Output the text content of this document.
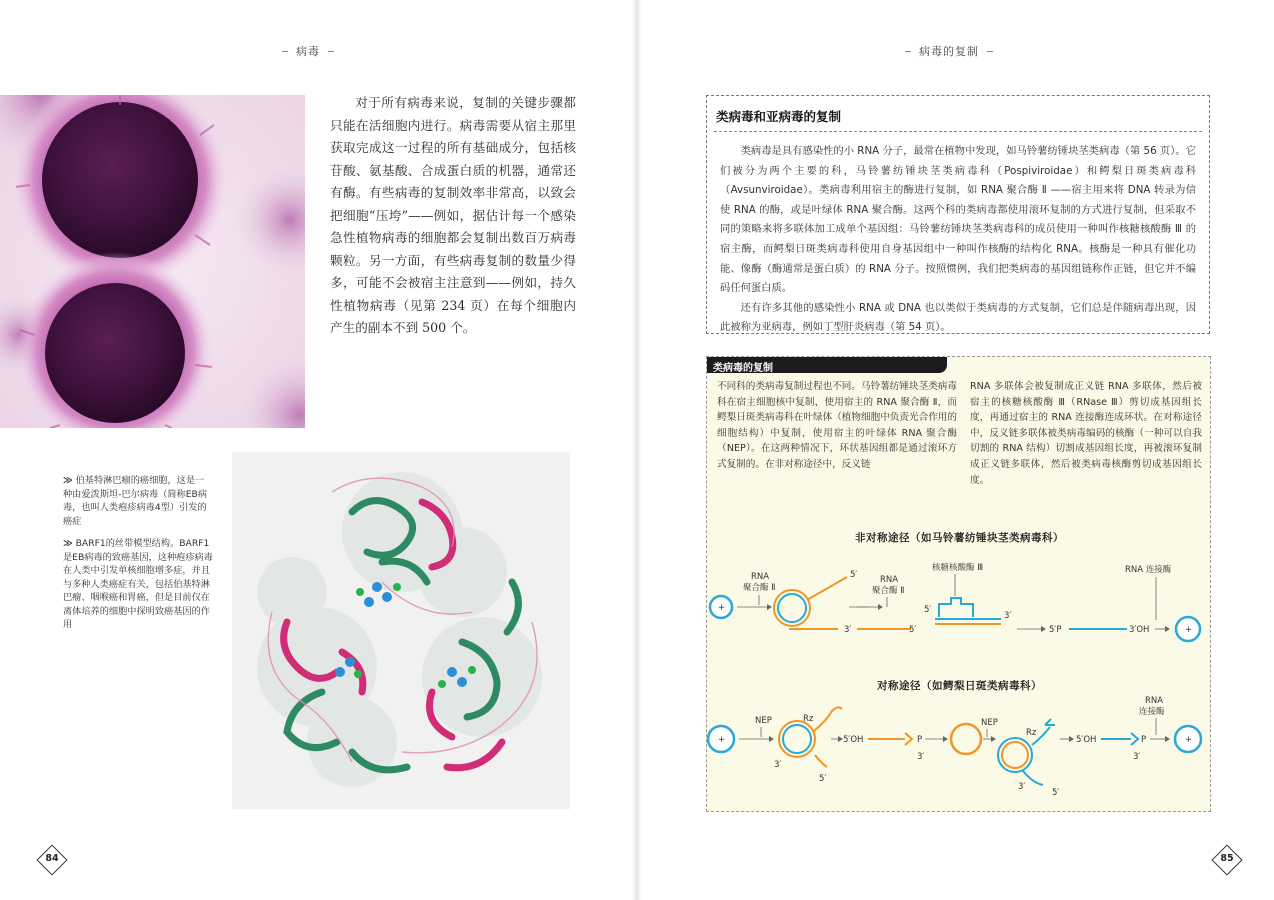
病毒
对于所有病毒来说，复制的关键步骤都只能在活细胞内进行。病毒需要从宿主那里获取完成这一过程的所有基础成分，包括核苷酸、氨基酸、合成蛋白质的机器，通常还有酶。有些病毒的复制效率非常高，以致会把细胞“压垮”——例如，据估计每一个感染急性植物病毒的细胞都会复制出数百万病毒颗粒。另一方面，有些病毒复制的数量少得多，可能不会被宿主注意到——例如，持久性植物病毒（见第 234 页）在每个细胞内产生的副本不到 500 个。
≫ 伯基特淋巴瘤的癌细胞，这是一种由爱泼斯坦-巴尔病毒（简称EB病毒，也叫人类疱疹病毒4型）引发的癌症
≫ BARF1的丝带模型结构。BARF1是EB病毒的致癌基因，这种疱疹病毒在人类中引发单核细胞增多症，并且与多种人类癌症有关，包括伯基特淋巴瘤、咽喉癌和胃癌，但是目前仅在离体培养的细胞中探明致癌基因的作用
84
病毒的复制
类病毒和亚病毒的复制

类病毒是具有感染性的小 RNA 分子，最常在植物中发现，如马铃薯纺锤块茎类病毒（第 56 页）。它们被分为两个主要的科，马铃薯纺锤块茎类病毒科（Pospiviroidae）和鳄梨日斑类病毒科（Avsunviroidae）。类病毒利用宿主的酶进行复制，如 RNA 聚合酶 Ⅱ ——宿主用来将 DNA 转录为信使 RNA 的酶，或是叶绿体 RNA 聚合酶。这两个科的类病毒都使用滚环复制的方式进行复制，但采取不同的策略来将多联体加工成单个基因组：马铃薯纺锤块茎类病毒科的成员使用一种叫作核糖核酸酶 Ⅲ 的宿主酶，而鳄梨日斑类病毒科使用自身基因组中一种叫作核酶的结构化 RNA。核酶是一种具有催化功能、像酶（酶通常是蛋白质）的 RNA 分子。按照惯例，我们把类病毒的基因组链称作正链，但它并不编码任何蛋白质。

还有许多其他的感染性小 RNA 或 DNA 也以类似于类病毒的方式复制，它们总是伴随病毒出现，因此被称为亚病毒，例如丁型肝炎病毒（第 54 页）。

类病毒的复制
不同科的类病毒复制过程也不同。马铃薯纺锤块茎类病毒科在宿主细胞核中复制，使用宿主的 RNA 聚合酶 Ⅱ，而鳄梨日斑类病毒科在叶绿体（植物细胞中负责光合作用的细胞结构）中复制，使用宿主的叶绿体 RNA 聚合酶（NEP）。在这两种情况下，环状基因组都是通过滚环方式复制的。在非对称途径中，反义链
RNA 多联体会被复制成正义链 RNA 多联体，然后被宿主的核糖核酸酶 Ⅲ（RNase Ⅲ）剪切成基因组长度，再通过宿主的 RNA 连接酶连成环状。在对称途径中，反义链多联体被类病毒编码的核酶（一种可以自我切割的 RNA 结构）切割成基因组长度，再被滚环复制成正义链多联体，然后被类病毒核酶剪切成基因组长度。
非对称途径（如马铃薯纺锤块茎类病毒科）
+
RNA
聚合酶 Ⅱ
5′
3′
RNA
聚合酶 Ⅱ
5′
核糖核酸酶 Ⅲ
5′
3′
5′P	3′OH
RNA 连接酶
+
对称途径（如鳄梨日斑类病毒科）
+
NEP
3′
Rz
5′
5′OH	P
3′
NEP
Rz
3′
5′
5′OH	P
3′
RNA
连接酶
+
85
